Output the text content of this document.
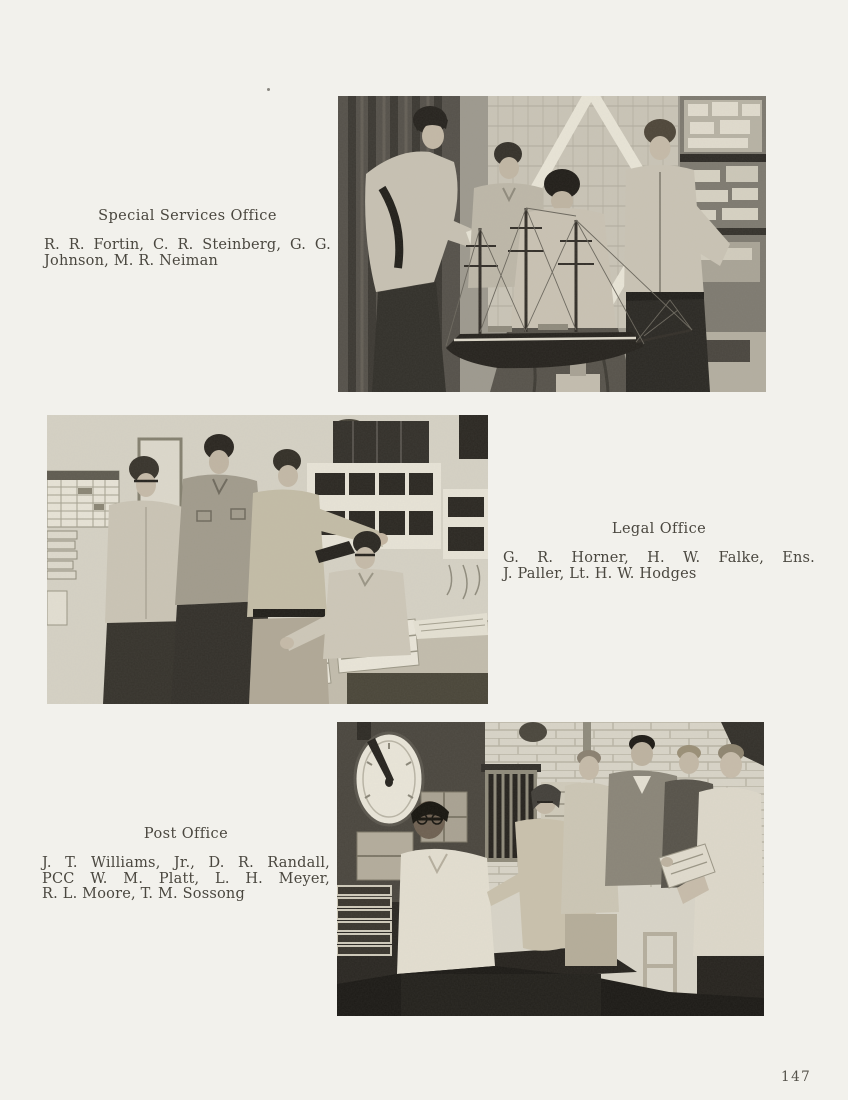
Special Services Office

R. R. Fortin, C. R. Steinberg, G. G.
Johnson, M. R. Neiman

Legal Office

G. R. Horner, H. W. Falke, Ens.
J. Paller, Lt. H. W. Hodges

Post Office

J. T. Williams, Jr., D. R. Randall,
PCC W. M. Platt, L. H. Meyer,
R. L. Moore, T. M. Sossong

147
